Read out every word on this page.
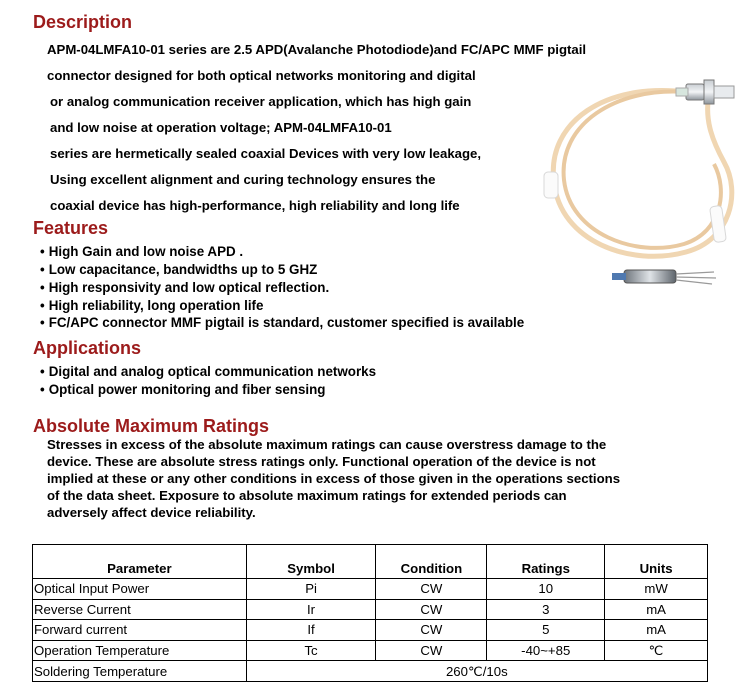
Description
APM-04LMFA10-01 series are 2.5 APD(Avalanche Photodiode)and FC/APC MMF pigtail
connector designed for both optical networks monitoring and digital
or analog communication receiver application, which has high gain
and low noise at operation voltage; APM-04LMFA10-01
series are hermetically sealed coaxial Devices with very low leakage,
Using excellent alignment and curing technology ensures the
coaxial device has high-performance, high reliability and long life
Features
• High Gain and low noise APD .
• Low capacitance, bandwidths up to 5 GHZ
• High responsivity and low optical reflection.
• High reliability, long operation life
• FC/APC connector MMF pigtail is standard, customer specified is available
Applications
• Digital and analog optical communication networks
• Optical power monitoring and fiber sensing
Absolute Maximum Ratings
Stresses in excess of the absolute maximum ratings can cause overstress damage to the
device. These are absolute stress ratings only. Functional operation of the device is not
implied at these or any other conditions in excess of those given in the operations sections
of the data sheet. Exposure to absolute maximum ratings for extended periods can
adversely affect device reliability.
Parameter	Symbol	Condition	Ratings	Units
Optical Input Power	Pi	CW	10	mW
Reverse Current	Ir	CW	3	mA
Forward current	If	CW	5	mA
Operation Temperature	Tc	CW	-40~+85	℃
Soldering Temperature	260℃/10s			
